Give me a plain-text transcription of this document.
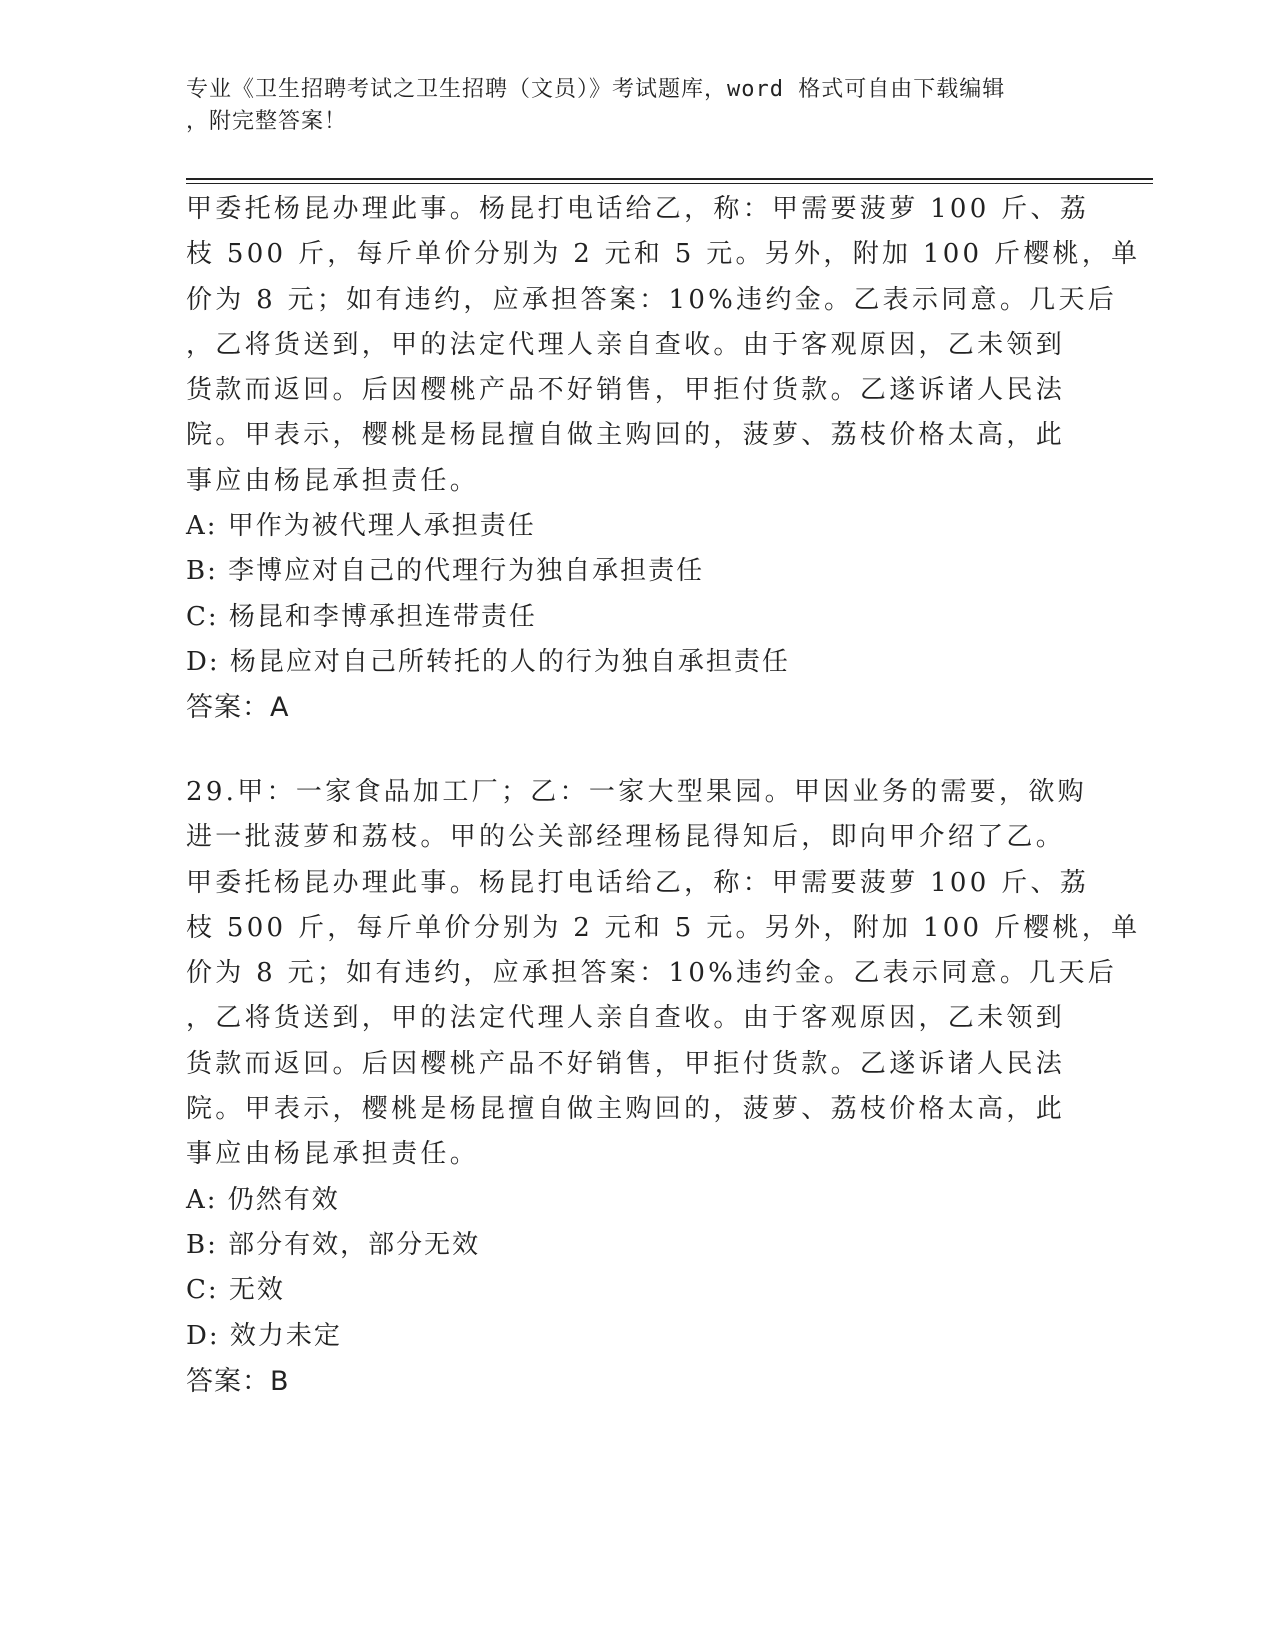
专业《卫生招聘考试之卫生招聘（文员）》考试题库，word 格式可自由下载编辑
，附完整答案！
甲委托杨昆办理此事。杨昆打电话给乙，称：甲需要菠萝 100 斤、荔
枝 500 斤，每斤单价分别为 2 元和 5 元。另外，附加 100 斤樱桃，单
价为 8 元；如有违约，应承担答案：10%违约金。乙表示同意。几天后
，乙将货送到，甲的法定代理人亲自查收。由于客观原因，乙未领到
货款而返回。后因樱桃产品不好销售，甲拒付货款。乙遂诉诸人民法
院。甲表示，樱桃是杨昆擅自做主购回的，菠萝、荔枝价格太高，此
事应由杨昆承担责任。
A: 甲作为被代理人承担责任
B: 李博应对自己的代理行为独自承担责任
C: 杨昆和李博承担连带责任
D: 杨昆应对自己所转托的人的行为独自承担责任
答案：A
29.甲：一家食品加工厂；乙：一家大型果园。甲因业务的需要，欲购
进一批菠萝和荔枝。甲的公关部经理杨昆得知后，即向甲介绍了乙。
甲委托杨昆办理此事。杨昆打电话给乙，称：甲需要菠萝 100 斤、荔
枝 500 斤，每斤单价分别为 2 元和 5 元。另外，附加 100 斤樱桃，单
价为 8 元；如有违约，应承担答案：10%违约金。乙表示同意。几天后
，乙将货送到，甲的法定代理人亲自查收。由于客观原因，乙未领到
货款而返回。后因樱桃产品不好销售，甲拒付货款。乙遂诉诸人民法
院。甲表示，樱桃是杨昆擅自做主购回的，菠萝、荔枝价格太高，此
事应由杨昆承担责任。
A: 仍然有效
B: 部分有效，部分无效
C: 无效
D: 效力未定
答案：B
